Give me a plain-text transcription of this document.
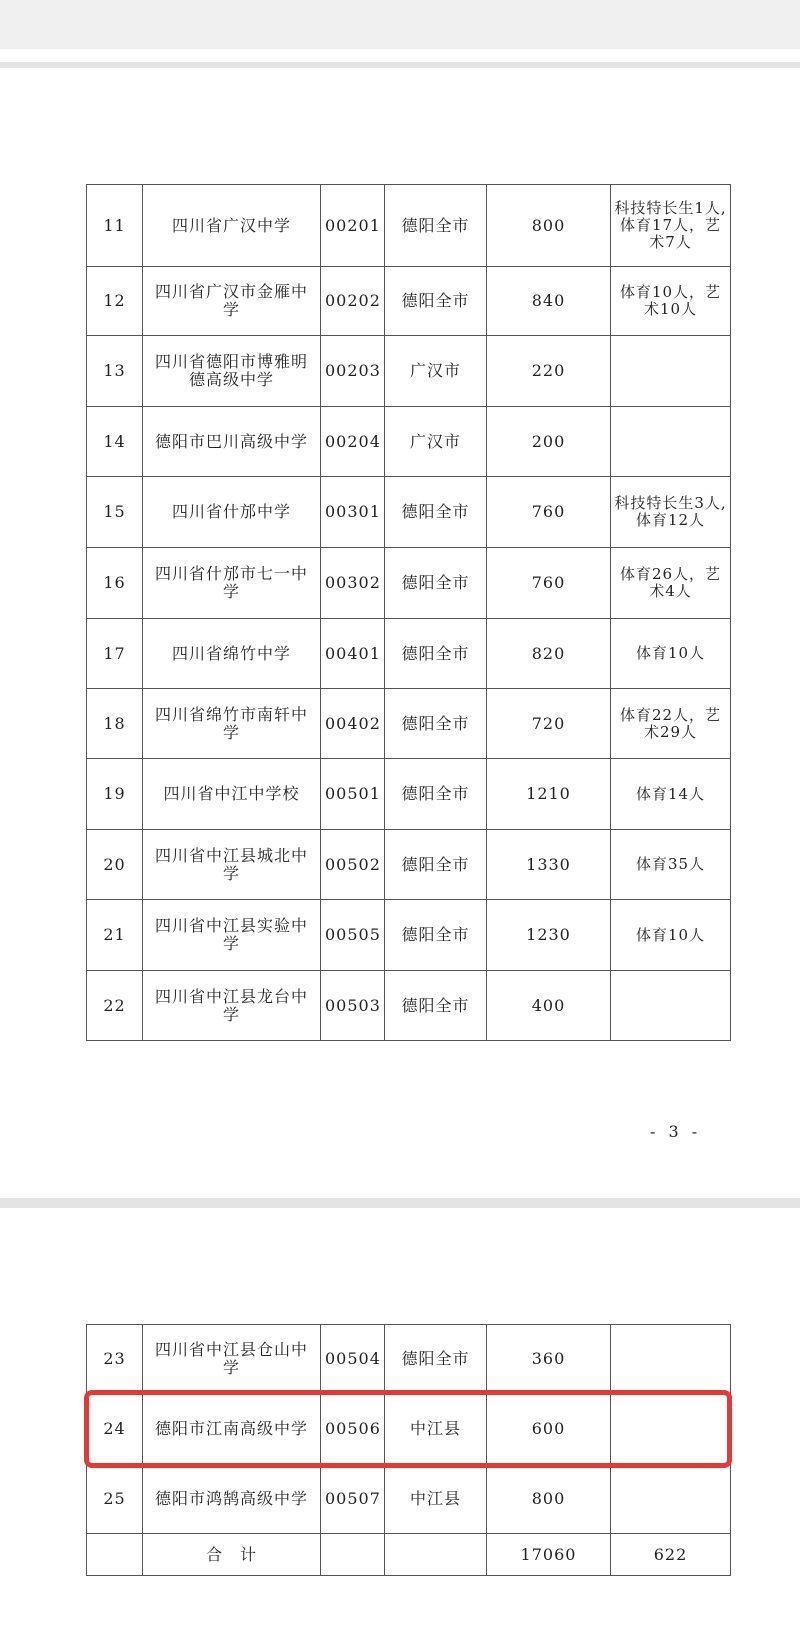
11	四川省广汉中学	00201	德阳全市	800	科技特长生1人,体育17人，艺术7人
12	四川省广汉市金雁中学	00202	德阳全市	840	体育10人，艺术10人
13	四川省德阳市博雅明德高级中学	00203	广汉市	220	
14	德阳市巴川高级中学	00204	广汉市	200	
15	四川省什邡中学	00301	德阳全市	760	科技特长生3人,体育12人
16	四川省什邡市七一中学	00302	德阳全市	760	体育26人，艺术4人
17	四川省绵竹中学	00401	德阳全市	820	体育10人
18	四川省绵竹市南轩中学	00402	德阳全市	720	体育22人，艺术29人
19	四川省中江中学校	00501	德阳全市	1210	体育14人
20	四川省中江县城北中学	00502	德阳全市	1330	体育35人
21	四川省中江县实验中学	00505	德阳全市	1230	体育10人
22	四川省中江县龙台中学	00503	德阳全市	400	
- 3 -
23	四川省中江县仓山中学	00504	德阳全市	360	
24	德阳市江南高级中学	00506	中江县	600	
25	德阳市鸿鹄高级中学	00507	中江县	800	
	合　计			17060	622
